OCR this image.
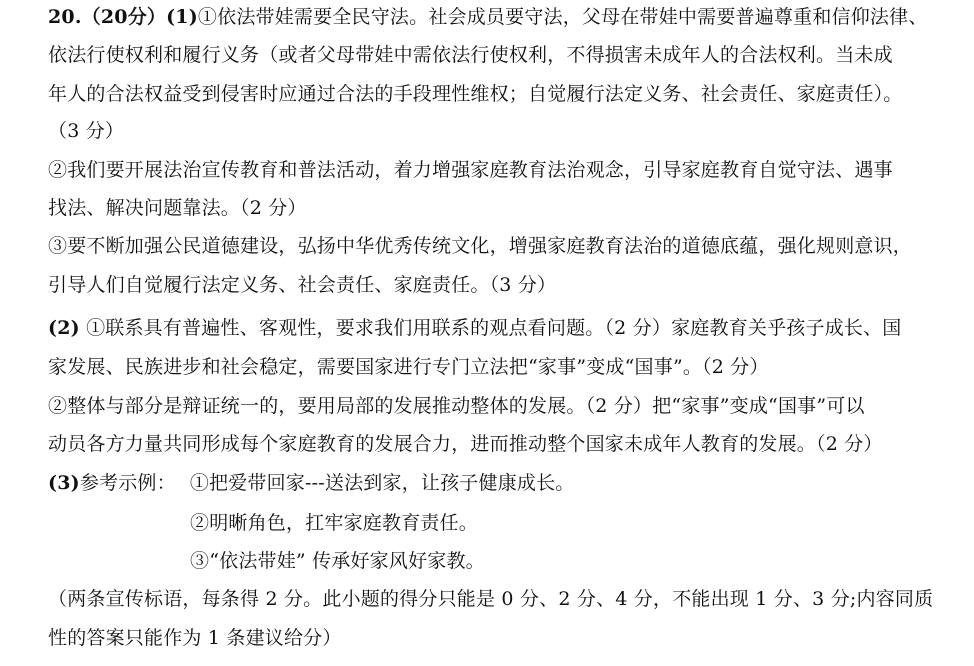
20.（20分）(1)①依法带娃需要全民守法。社会成员要守法，父母在带娃中需要普遍尊重和信仰法律、
依法行使权利和履行义务（或者父母带娃中需依法行使权利，不得损害未成年人的合法权利。当未成
年人的合法权益受到侵害时应通过合法的手段理性维权；自觉履行法定义务、社会责任、家庭责任）。
（3 分）
②我们要开展法治宣传教育和普法活动，着力增强家庭教育法治观念，引导家庭教育自觉守法、遇事
找法、解决问题靠法。（2 分）
③要不断加强公民道德建设，弘扬中华优秀传统文化，增强家庭教育法治的道德底蕴，强化规则意识，
引导人们自觉履行法定义务、社会责任、家庭责任。（3 分）
(2) ①联系具有普遍性、客观性，要求我们用联系的观点看问题。（2 分）家庭教育关乎孩子成长、国
家发展、民族进步和社会稳定，需要国家进行专门立法把“家事”变成“国事”。（2 分）
②整体与部分是辩证统一的，要用局部的发展推动整体的发展。（2 分）把“家事”变成“国事”可以
动员各方力量共同形成每个家庭教育的发展合力，进而推动整个国家未成年人教育的发展。（2 分）
(3)参考示例： ①把爱带回家---送法到家，让孩子健康成长。
②明晰角色，扛牢家庭教育责任。
③“依法带娃” 传承好家风好家教。
（两条宣传标语，每条得 2 分。此小题的得分只能是 0 分、2 分、4 分，不能出现 1 分、3 分;内容同质
性的答案只能作为 1 条建议给分）
